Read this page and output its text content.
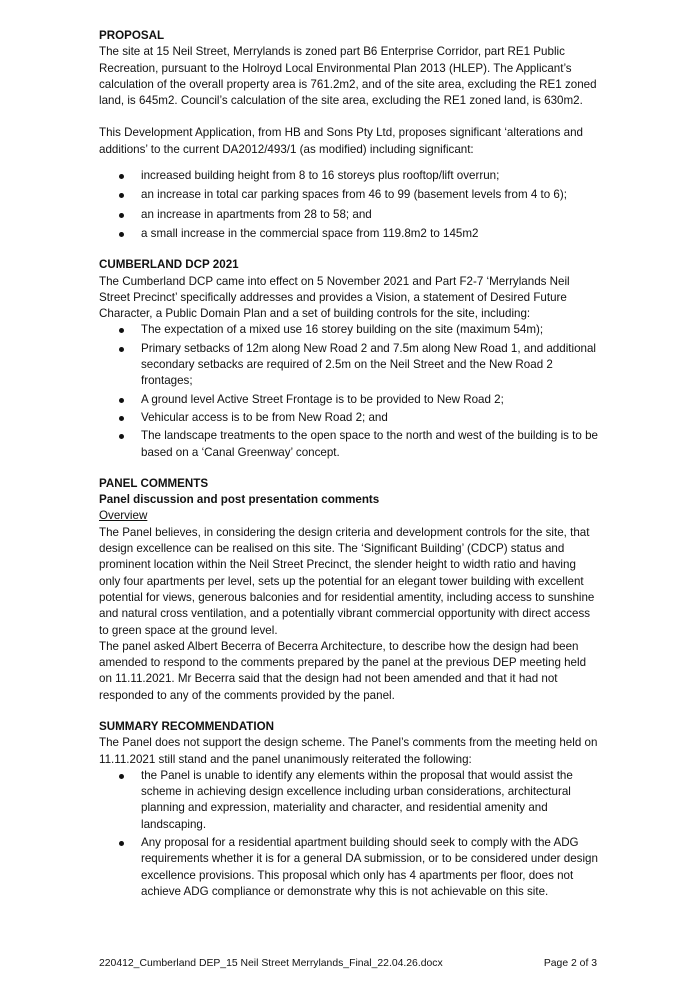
PROPOSAL

The site at 15 Neil Street, Merrylands is zoned part B6 Enterprise Corridor, part RE1 Public Recreation, pursuant to the Holroyd Local Environmental Plan 2013 (HLEP). The Applicant’s calculation of the overall property area is 761.2m2, and of the site area, excluding the RE1 zoned land, is 645m2. Council’s calculation of the site area, excluding the RE1 zoned land, is 630m2.

This Development Application, from HB and Sons Pty Ltd, proposes significant ‘alterations and additions’ to the current DA2012/493/1 (as modified) including significant:

increased building height from 8 to 16 storeys plus rooftop/lift overrun;
an increase in total car parking spaces from 46 to 99 (basement levels from 4 to 6);
an increase in apartments from 28 to 58; and
a small increase in the commercial space from 119.8m2 to 145m2
CUMBERLAND DCP 2021

The Cumberland DCP came into effect on 5 November 2021 and Part F2-7 ‘Merrylands Neil Street Precinct’ specifically addresses and provides a Vision, a statement of Desired Future Character, a Public Domain Plan and a set of building controls for the site, including:

The expectation of a mixed use 16 storey building on the site (maximum 54m);
Primary setbacks of 12m along New Road 2 and 7.5m along New Road 1, and additional secondary setbacks are required of 2.5m on the Neil Street and the New Road 2 frontages;
A ground level Active Street Frontage is to be provided to New Road 2;
Vehicular access is to be from New Road 2; and
The landscape treatments to the open space to the north and west of the building is to be based on a ‘Canal Greenway’ concept.
PANEL COMMENTS
Panel discussion and post presentation comments

Overview

The Panel believes, in considering the design criteria and development controls for the site, that design excellence can be realised on this site. The ‘Significant Building’ (CDCP) status and prominent location within the Neil Street Precinct, the slender height to width ratio and having only four apartments per level, sets up the potential for an elegant tower building with excellent potential for views, generous balconies and for residential amentity, including access to sunshine and natural cross ventilation, and a potentially vibrant commercial opportunity with direct access to green space at the ground level.

The panel asked Albert Becerra of Becerra Architecture, to describe how the design had been amended to respond to the comments prepared by the panel at the previous DEP meeting held on 11.11.2021. Mr Becerra said that the design had not been amended and that it had not responded to any of the comments provided by the panel.

SUMMARY RECOMMENDATION

The Panel does not support the design scheme. The Panel’s comments from the meeting held on 11.11.2021 still stand and the panel unanimously reiterated the following:

the Panel is unable to identify any elements within the proposal that would assist the scheme in achieving design excellence including urban considerations, architectural planning and expression, materiality and character, and residential amenity and landscaping.
Any proposal for a residential apartment building should seek to comply with the ADG requirements whether it is for a general DA submission, or to be considered under design excellence provisions. This proposal which only has 4 apartments per floor, does not achieve ADG compliance or demonstrate why this is not achievable on this site.
220412_Cumberland DEP_15 Neil Street Merrylands_Final_22.04.26.docx	Page 2 of 3
